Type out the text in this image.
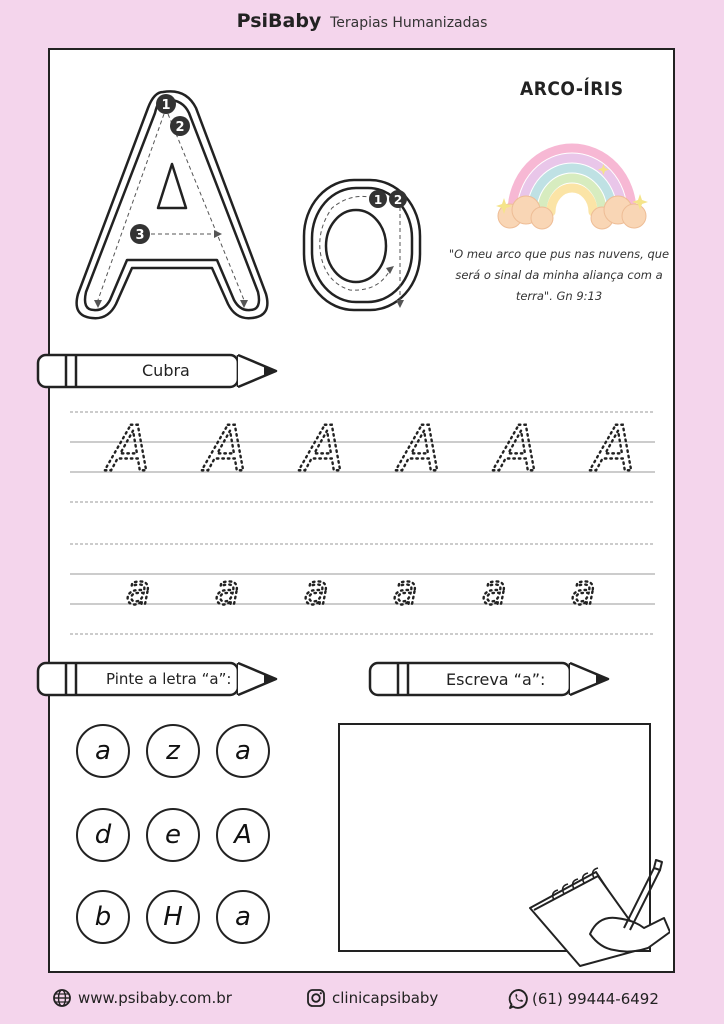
PsiBaby Terapias Humanizadas
1
2
3
1 2
ARCO-ÍRIS
"O meu arco que pus nas nuvens, que será o sinal da minha aliança com a terra". Gn 9:13
Cubra
A A A A A A
a a a a a a
Pinte a letra “a”:	Escreva “a”:
a	z	a
d	e	A
b	H	a
www.psibaby.com.br	clinicapsibaby	(61) 99444-6492
